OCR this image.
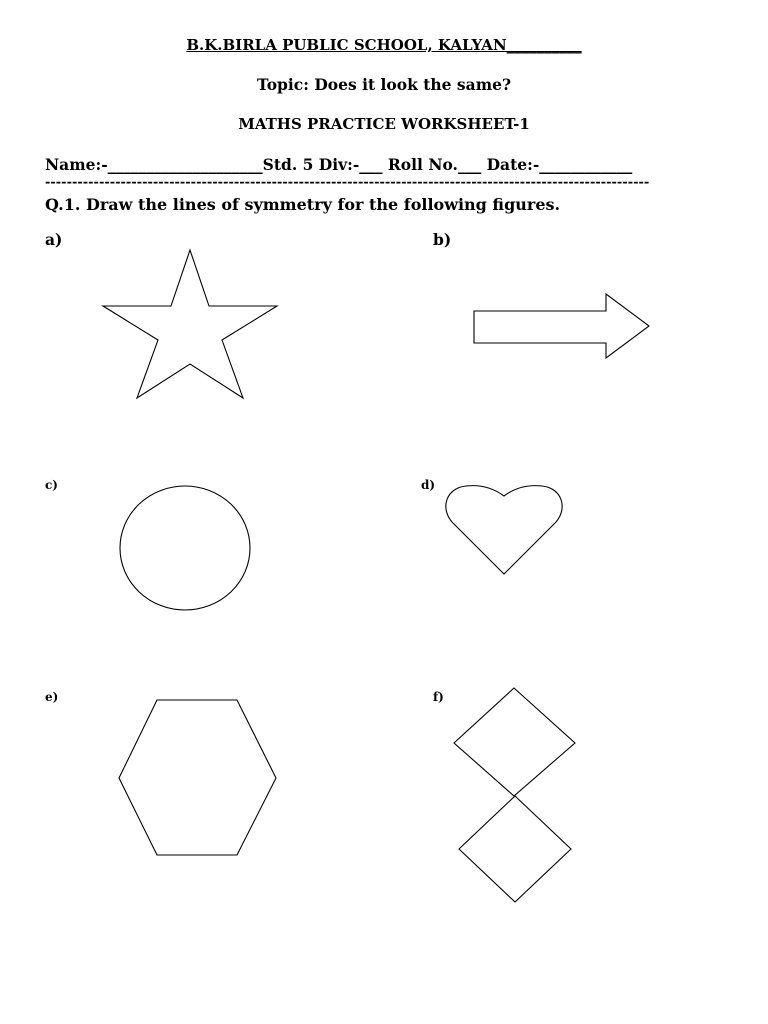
B.K.BIRLA PUBLIC SCHOOL, KALYAN__________
Topic: Does it look the same?
MATHS PRACTICE WORKSHEET-1
Name:-____________________Std. 5 Div:-___ Roll No.___ Date:-____________
----------------------------------------------------------------------------------------------------------------
Q.1. Draw the lines of symmetry for the following figures.
a)	b)
c)	d)
e)	f)
